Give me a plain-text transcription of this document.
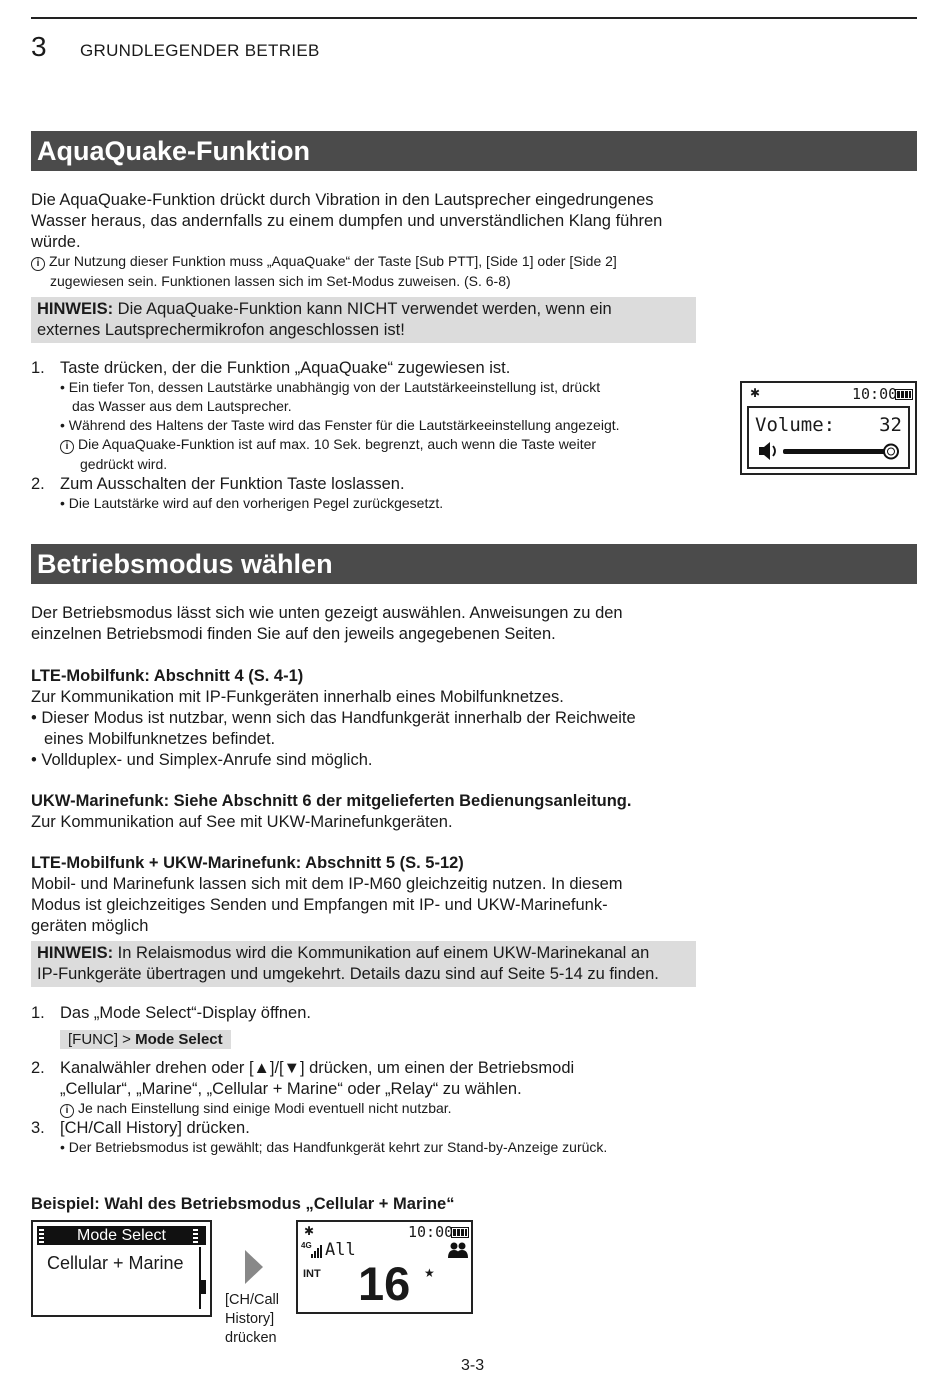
3 GRUNDLEGENDER BETRIEB
AquaQuake-Funktion
Die AquaQuake-Funktion drückt durch Vibration in den Lautsprecher eingedrungenes
Wasser heraus, das andernfalls zu einem dumpfen und unverständlichen Klang führen
würde.
i Zur Nutzung dieser Funktion muss „AquaQuake“ der Taste [Sub PTT], [Side 1] oder [Side 2]
zugewiesen sein. Funktionen lassen sich im Set-Modus zuweisen. (S. 6-8)
HINWEIS: Die AquaQuake-Funktion kann NICHT verwendet werden, wenn ein
externes Lautsprechermikrofon angeschlossen ist!
1. Taste drücken, der die Funktion „AquaQuake“ zugewiesen ist.
• Ein tiefer Ton, dessen Lautstärke unabhängig von der Lautstärkeeinstellung ist, drückt
das Wasser aus dem Lautsprecher.
• Während des Haltens der Taste wird das Fenster für die Lautstärkeeinstellung angezeigt.
i Die AquaQuake-Funktion ist auf max. 10 Sek. begrenzt, auch wenn die Taste weiter
gedrückt wird.
2. Zum Ausschalten der Funktion Taste loslassen.
• Die Lautstärke wird auf den vorherigen Pegel zurückgesetzt.
✱	10:00
Volume: 32
Betriebsmodus wählen
Der Betriebsmodus lässt sich wie unten gezeigt auswählen. Anweisungen zu den
einzelnen Betriebsmodi finden Sie auf den jeweils angegebenen Seiten.
LTE-Mobilfunk: Abschnitt 4 (S. 4-1)
Zur Kommunikation mit IP-Funkgeräten innerhalb eines Mobilfunknetzes.
• Dieser Modus ist nutzbar, wenn sich das Handfunkgerät innerhalb der Reichweite
eines Mobilfunknetzes befindet.
• Vollduplex- und Simplex-Anrufe sind möglich.
UKW-Marinefunk: Siehe Abschnitt 6 der mitgelieferten Bedienungsanleitung.
Zur Kommunikation auf See mit UKW-Marinefunkgeräten.
LTE-Mobilfunk + UKW-Marinefunk: Abschnitt 5 (S. 5-12)
Mobil- und Marinefunk lassen sich mit dem IP-M60 gleichzeitig nutzen. In diesem
Modus ist gleichzeitiges Senden und Empfangen mit IP- und UKW-Marinefunk-
geräten möglich
HINWEIS: In Relaismodus wird die Kommunikation auf einem UKW-Marinekanal an
IP-Funkgeräte übertragen und umgekehrt. Details dazu sind auf Seite 5-14 zu finden.
1. Das „Mode Select“-Display öffnen.
[FUNC] > Mode Select
2. Kanalwähler drehen oder [▲]/[▼] drücken, um einen der Betriebsmodi
„Cellular“, „Marine“, „Cellular + Marine“ oder „Relay“ zu wählen.
i Je nach Einstellung sind einige Modi eventuell nicht nutzbar.
3. [CH/Call History] drücken.
• Der Betriebsmodus ist gewählt; das Handfunkgerät kehrt zur Stand-by-Anzeige zurück.
Beispiel: Wahl des Betriebsmodus „Cellular + Marine“
Mode Select
Cellular + Marine
[CH/Call
History]
drücken
✱	10:00
4G All
INT 16 ★
3-3
